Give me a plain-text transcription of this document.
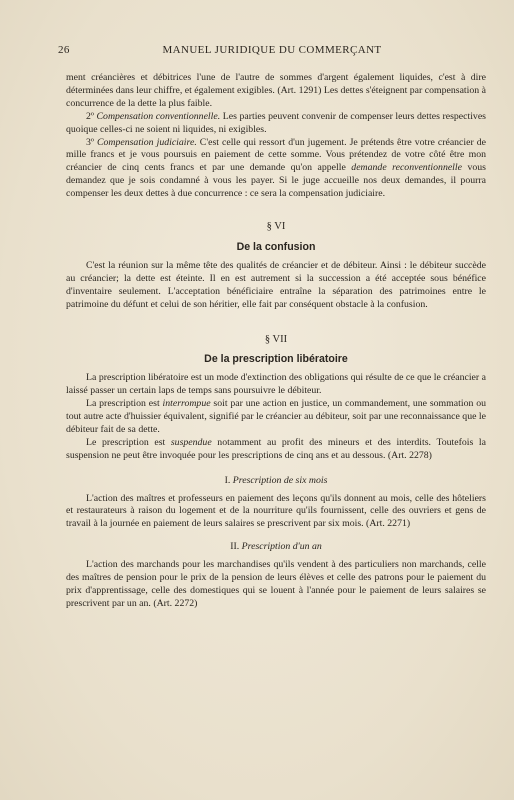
26	MANUEL JURIDIQUE DU COMMERÇANT

ment créancières et débitrices l'une de l'autre de sommes d'argent également liquides, c'est à dire déterminées dans leur chiffre, et également exigibles. (Art. 1291) Les dettes s'éteignent par compensation à concurrence de la dette la plus faible.

2º Compensation conventionnelle. Les parties peuvent convenir de compenser leurs dettes respectives quoique celles-ci ne soient ni liquides, ni exigibles.

3º Compensation judiciaire. C'est celle qui ressort d'un jugement. Je prétends être votre créancier de mille francs et je vous poursuis en paiement de cette somme. Vous prétendez de votre côté être mon créancier de cinq cents francs et par une demande qu'on appelle demande reconventionnelle vous demandez que je sois condamné à vous les payer. Si le juge accueille nos deux demandes, il pourra compenser les deux dettes à due concurrence : ce sera la compensation judiciaire.

§ VI
De la confusion

C'est la réunion sur la même tête des qualités de créancier et de débiteur. Ainsi : le débiteur succède au créancier; la dette est éteinte. Il en est autrement si la succession a été acceptée sous bénéfice d'inventaire seulement. L'acceptation bénéficiaire entraîne la séparation des patrimoines entre le patrimoine du défunt et celui de son héritier, elle fait par conséquent obstacle à la confusion.

§ VII
De la prescription libératoire

La prescription libératoire est un mode d'extinction des obligations qui résulte de ce que le créancier a laissé passer un certain laps de temps sans poursuivre le débiteur.

La prescription est interrompue soit par une action en justice, un commandement, une sommation ou tout autre acte d'huissier équivalent, signifié par le créancier au débiteur, soit par une reconnaissance que le débiteur fait de sa dette.

Le prescription est suspendue notamment au profit des mineurs et des interdits. Toutefois la suspension ne peut être invoquée pour les prescriptions de cinq ans et au dessous. (Art. 2278)

I. Prescription de six mois

L'action des maîtres et professeurs en paiement des leçons qu'ils donnent au mois, celle des hôteliers et restaurateurs à raison du logement et de la nourriture qu'ils fournissent, celle des ouvriers et gens de travail à la journée en paiement de leurs salaires se prescrivent par six mois. (Art. 2271)

II. Prescription d'un an

L'action des marchands pour les marchandises qu'ils vendent à des particuliers non marchands, celle des maîtres de pension pour le prix de la pension de leurs élèves et celle des patrons pour le paiement du prix d'apprentissage, celle des domestiques qui se louent à l'année pour le paiement de leurs salaires se prescrivent par un an. (Art. 2272)
